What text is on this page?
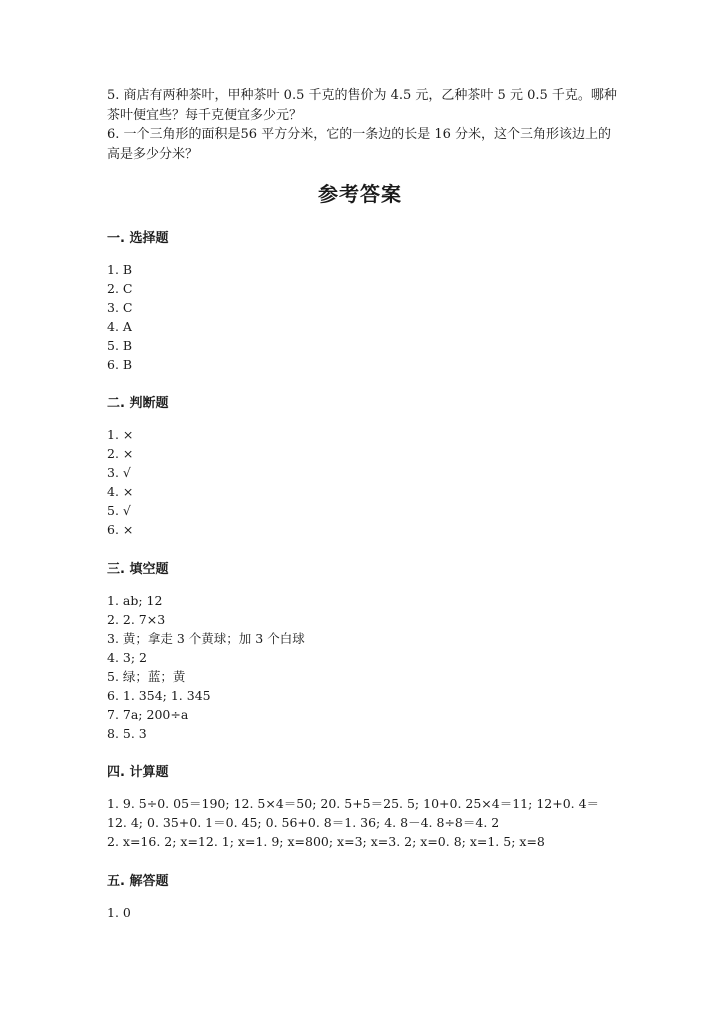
5. 商店有两种茶叶，甲种茶叶 0.5 千克的售价为 4.5 元，乙种茶叶 5 元 0.5 千克。哪种茶叶便宜些？每千克便宜多少元？

6. 一个三角形的面积是56 平方分米，它的一条边的长是 16 分米，这个三角形该边上的高是多少分米？

参考答案
一. 选择题
1. B
2. C
3. C
4. A
5. B
6. B
二. 判断题
1. ×
2. ×
3. √
4. ×
5. √
6. ×
三. 填空题
1. ab; 12
2. 2. 7×3
3. 黄；拿走 3 个黄球；加 3 个白球
4. 3; 2
5. 绿；蓝；黄
6. 1. 354; 1. 345
7. 7a; 200÷a
8. 5. 3
四. 计算题
1. 9. 5÷0. 05＝190; 12. 5×4＝50; 20. 5+5＝25. 5; 10+0. 25×4＝11; 12+0. 4＝12. 4; 0. 35+0. 1＝0. 45; 0. 56+0. 8＝1. 36; 4. 8－4. 8÷8＝4. 2
2. x=16. 2; x=12. 1; x=1. 9; x=800; x=3; x=3. 2; x=0. 8; x=1. 5; x=8
五. 解答题
1. 0
